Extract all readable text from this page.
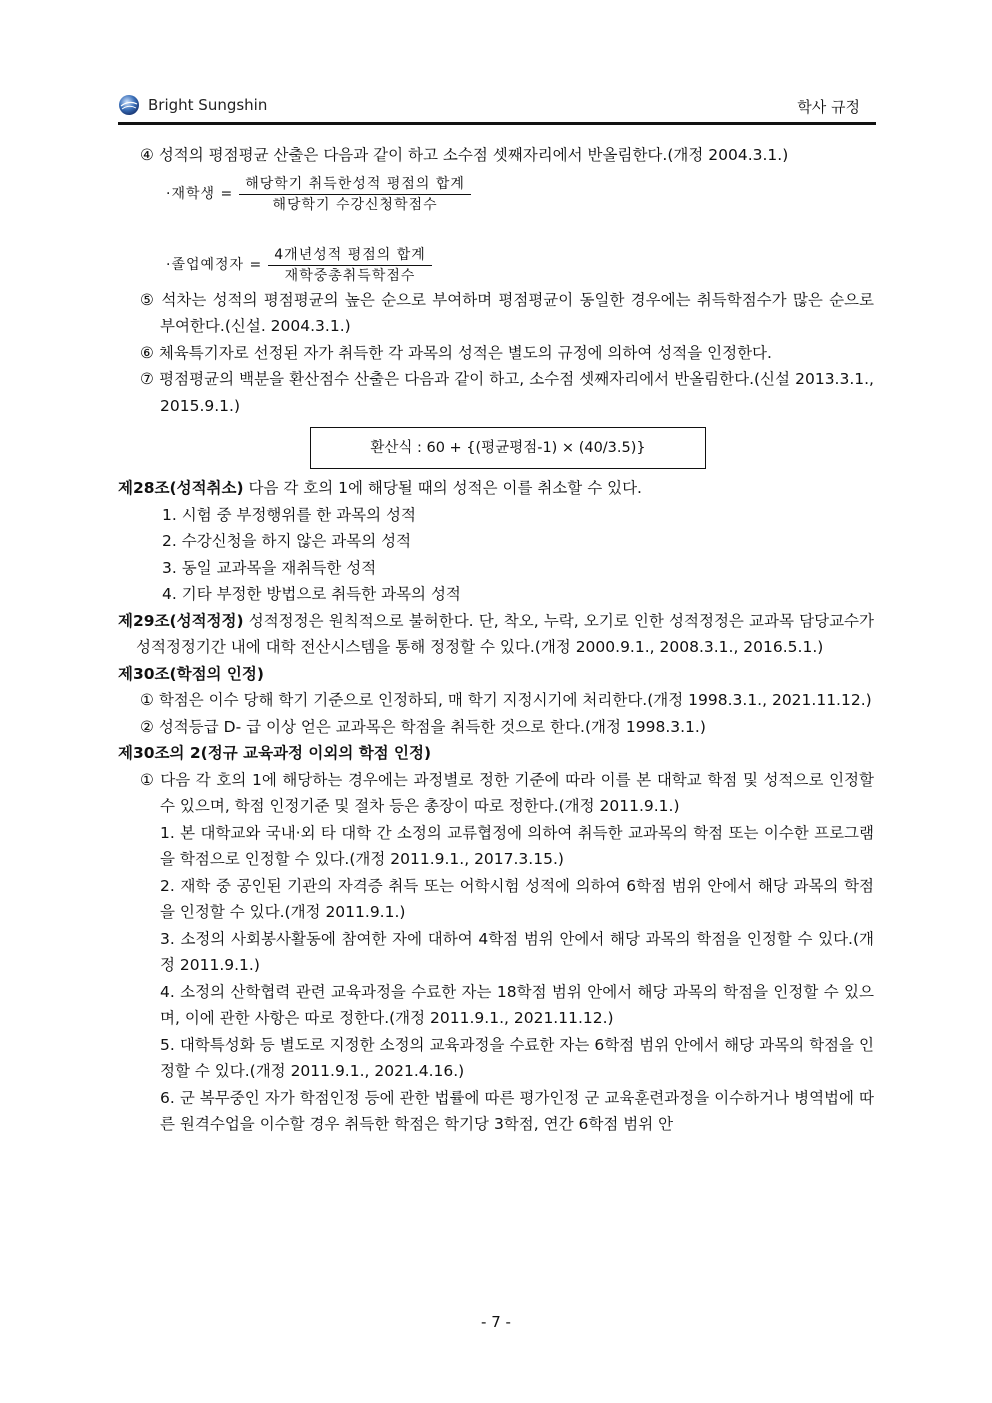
Bright Sungshin	학사 규정

④ 성적의 평점평균 산출은 다음과 같이 하고 소수점 셋째자리에서 반올림한다.(개정 2004.3.1.)

·재학생 = $\frac{\text{해당학기 취득한성적 평점의 합계}}{\text{해당학기 수강신청학점수}}$
·졸업예정자 = $\frac{\text{4개년성적 평점의 합계}}{\text{재학중총취득학점수}}$

⑤ 석차는 성적의 평점평균의 높은 순으로 부여하며 평점평균이 동일한 경우에는 취득학점수가 많은 순으로 부여한다.(신설. 2004.3.1.)

⑥ 체육특기자로 선정된 자가 취득한 각 과목의 성적은 별도의 규정에 의하여 성적을 인정한다.

⑦ 평점평균의 백분을 환산점수 산출은 다음과 같이 하고, 소수점 셋째자리에서 반올림한다.(신설 2013.3.1., 2015.9.1.)

환산식 : 60 + {(평균평점-1) × (40/3.5)}

제28조(성적취소) 다음 각 호의 1에 해당될 때의 성적은 이를 취소할 수 있다.

1. 시험 중 부정행위를 한 과목의 성적

2. 수강신청을 하지 않은 과목의 성적

3. 동일 교과목을 재취득한 성적

4. 기타 부정한 방법으로 취득한 과목의 성적

제29조(성적정정) 성적정정은 원칙적으로 불허한다. 단, 착오, 누락, 오기로 인한 성적정정은 교과목 담당교수가 성적정정기간 내에 대학 전산시스템을 통해 정정할 수 있다.(개정 2000.9.1., 2008.3.1., 2016.5.1.)

제30조(학점의 인정)

① 학점은 이수 당해 학기 기준으로 인정하되, 매 학기 지정시기에 처리한다.(개정 1998.3.1., 2021.11.12.)

② 성적등급 D- 급 이상 얻은 교과목은 학점을 취득한 것으로 한다.(개정 1998.3.1.)

제30조의 2(정규 교육과정 이외의 학점 인정)

① 다음 각 호의 1에 해당하는 경우에는 과정별로 정한 기준에 따라 이를 본 대학교 학점 및 성적으로 인정할 수 있으며, 학점 인정기준 및 절차 등은 총장이 따로 정한다.(개정 2011.9.1.)

1. 본 대학교와 국내·외 타 대학 간 소정의 교류협정에 의하여 취득한 교과목의 학점 또는 이수한 프로그램을 학점으로 인정할 수 있다.(개정 2011.9.1., 2017.3.15.)

2. 재학 중 공인된 기관의 자격증 취득 또는 어학시험 성적에 의하여 6학점 범위 안에서 해당 과목의 학점을 인정할 수 있다.(개정 2011.9.1.)

3. 소정의 사회봉사활동에 참여한 자에 대하여 4학점 범위 안에서 해당 과목의 학점을 인정할 수 있다.(개정 2011.9.1.)

4. 소정의 산학협력 관련 교육과정을 수료한 자는 18학점 범위 안에서 해당 과목의 학점을 인정할 수 있으며, 이에 관한 사항은 따로 정한다.(개정 2011.9.1., 2021.11.12.)

5. 대학특성화 등 별도로 지정한 소정의 교육과정을 수료한 자는 6학점 범위 안에서 해당 과목의 학점을 인정할 수 있다.(개정 2011.9.1., 2021.4.16.)

6. 군 복무중인 자가 학점인정 등에 관한 법률에 따른 평가인정 군 교육훈련과정을 이수하거나 병역법에 따른 원격수업을 이수할 경우 취득한 학점은 학기당 3학점, 연간 6학점 범위 안

- 7 -
